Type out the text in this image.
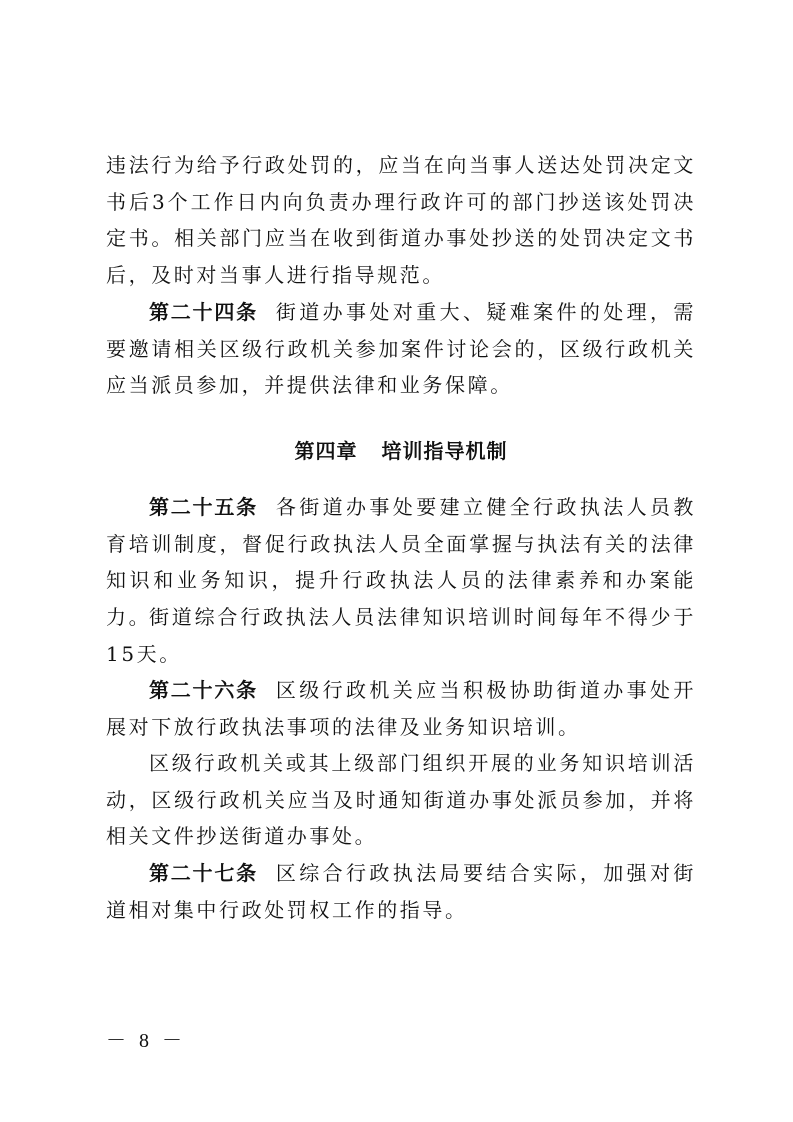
违法行为给予行政处罚的，应当在向当事人送达处罚决定文书后3个工作日内向负责办理行政许可的部门抄送该处罚决定书。相关部门应当在收到街道办事处抄送的处罚决定文书后，及时对当事人进行指导规范。

第二十四条 街道办事处对重大、疑难案件的处理，需要邀请相关区级行政机关参加案件讨论会的，区级行政机关应当派员参加，并提供法律和业务保障。

第四章 培训指导机制

第二十五条 各街道办事处要建立健全行政执法人员教育培训制度，督促行政执法人员全面掌握与执法有关的法律知识和业务知识，提升行政执法人员的法律素养和办案能力。

街道综合行政执法人员法律知识培训时间每年不得少于15天。

第二十六条 区级行政机关应当积极协助街道办事处开展对下放行政执法事项的法律及业务知识培训。

区级行政机关或其上级部门组织开展的业务知识培训活动，区级行政机关应当及时通知街道办事处派员参加，并将相关文件抄送街道办事处。

第二十七条 区综合行政执法局要结合实际，加强对街道相对集中行政处罚权工作的指导。

－ 8 －
